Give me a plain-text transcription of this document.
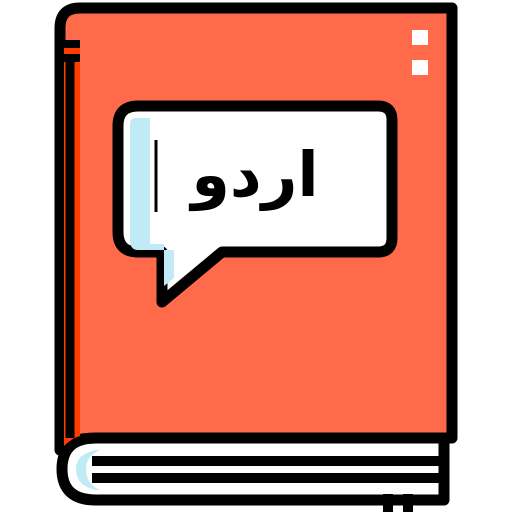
اردو
